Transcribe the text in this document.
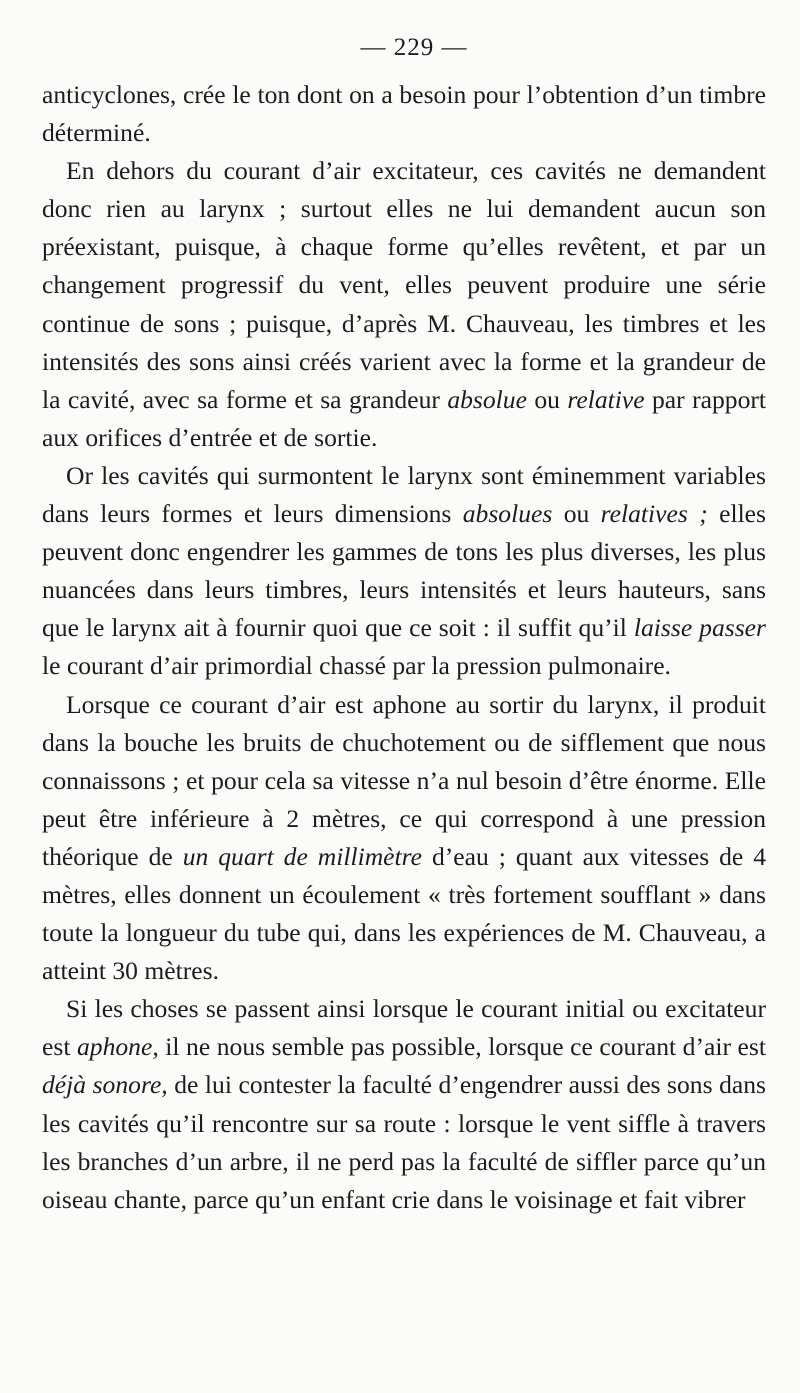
— 229 —

anticyclones, crée le ton dont on a besoin pour l’obtention d’un timbre déterminé.

En dehors du courant d’air excitateur, ces cavités ne demandent donc rien au larynx ; surtout elles ne lui demandent aucun son préexistant, puisque, à chaque forme qu’elles revêtent, et par un changement progressif du vent, elles peuvent produire une série continue de sons ; puisque, d’après M. Chauveau, les timbres et les intensités des sons ainsi créés varient avec la forme et la grandeur de la cavité, avec sa forme et sa grandeur absolue ou relative par rapport aux orifices d’entrée et de sortie.

Or les cavités qui surmontent le larynx sont éminemment variables dans leurs formes et leurs dimensions absolues ou relatives ; elles peuvent donc engendrer les gammes de tons les plus diverses, les plus nuancées dans leurs timbres, leurs intensités et leurs hauteurs, sans que le larynx ait à fournir quoi que ce soit : il suffit qu’il laisse passer le courant d’air primordial chassé par la pression pulmonaire.

Lorsque ce courant d’air est aphone au sortir du larynx, il produit dans la bouche les bruits de chuchotement ou de sifflement que nous connaissons ; et pour cela sa vitesse n’a nul besoin d’être énorme. Elle peut être inférieure à 2 mètres, ce qui correspond à une pression théorique de un quart de millimètre d’eau ; quant aux vitesses de 4 mètres, elles donnent un écoulement « très fortement soufflant » dans toute la longueur du tube qui, dans les expériences de M. Chauveau, a atteint 30 mètres.

Si les choses se passent ainsi lorsque le courant initial ou excitateur est aphone, il ne nous semble pas possible, lorsque ce courant d’air est déjà sonore, de lui contester la faculté d’engendrer aussi des sons dans les cavités qu’il rencontre sur sa route : lorsque le vent siffle à travers les branches d’un arbre, il ne perd pas la faculté de siffler parce qu’un oiseau chante, parce qu’un enfant crie dans le voisinage et fait vibrer
